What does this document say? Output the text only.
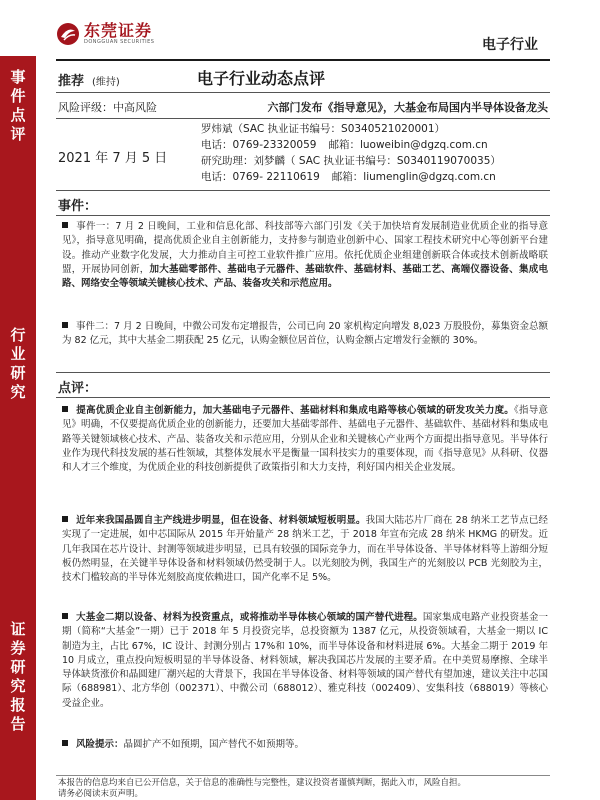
东莞证券
DONGGUAN SECURITIES	电子行业
事
件
点
评
行
业
研
究
证
券
研
究
报
告
推荐 (维持)	电子行业动态点评
风险评级：中高风险	六部门发布《指导意见》，大基金布局国内半导体设备龙头
2021 年 7 月 5 日
罗炜斌（SAC 执业证书编号：S0340521020001）
电话：0769-23320059 邮箱：luoweibin@dgzq.com.cn
研究助理：刘梦麟（ SAC 执业证书编号：S0340119070035）
电话：0769- 22110619 邮箱：liumenglin@dgzq.com.cn
事件：
事件一：7 月 2 日晚间，工业和信息化部、科技部等六部门引发《关于加快培育发展制造业优质企业的指导意见》，指导意见明确，提高优质企业自主创新能力，支持参与制造业创新中心、国家工程技术研究中心等创新平台建设。推动产业数字化发展，大力推动自主可控工业软件推广应用。依托优质企业组建创新联合体或技术创新战略联盟，开展协同创新，加大基础零部件、基础电子元器件、基础软件、基础材料、基础工艺、高端仪器设备、集成电路、网络安全等领域关键核心技术、产品、装备攻关和示范应用。
事件二：7 月 2 日晚间，中微公司发布定增报告，公司已向 20 家机构定向增发 8,023 万股股份，募集资金总额为 82 亿元，其中大基金二期获配 25 亿元，认购金额位居首位，认购金额占定增发行金额的 30%。
点评：
提高优质企业自主创新能力，加大基础电子元器件、基础材料和集成电路等核心领域的研发攻关力度。《指导意见》明确，不仅要提高优质企业的创新能力，还要加大基础零部件、基础电子元器件、基础软件、基础材料和集成电路等关键领域核心技术、产品、装备攻关和示范应用，分别从企业和关键核心产业两个方面提出指导意见。半导体行业作为现代科技发展的基石性领域，其整体发展水平是衡量一国科技实力的重要体现，而《指导意见》从科研、仪器和人才三个维度，为优质企业的科技创新提供了政策指引和大力支持，利好国内相关企业发展。
近年来我国晶圆自主产线进步明显，但在设备、材料领域短板明显。我国大陆芯片厂商在 28 纳米工艺节点已经实现了一定进展，如中芯国际从 2015 年开始量产 28 纳米工艺，于 2018 年宣布完成 28 纳米 HKMG 的研发。近几年我国在芯片设计、封测等领域进步明显，已具有较强的国际竞争力，而在半导体设备、半导体材料等上游细分短板仍然明显，在关键半导体设备和材料领域仍然受制于人。以光刻胶为例，我国生产的光刻胶以 PCB 光刻胶为主，技术门槛较高的半导体光刻胶高度依赖进口，国产化率不足 5%。
大基金二期以设备、材料为投资重点，或将推动半导体核心领域的国产替代进程。国家集成电路产业投资基金一期（简称“大基金”一期）已于 2018 年 5 月投资完毕，总投资额为 1387 亿元，从投资领域看，大基金一期以 IC 制造为主，占比 67%，IC 设计、封测分别占 17%和 10%，而半导体设备和材料进展 6%。大基金二期于 2019 年 10 月成立，重点投向短板明显的半导体设备、材料领域，解决我国芯片发展的主要矛盾。在中美贸易摩擦、全球半导体缺货涨价和晶圆建厂潮兴起的大背景下，我国在半导体设备、材料等领域的国产替代有望加速，建议关注中芯国际（688981）、北方华创（002371）、中微公司（688012）、雅克科技（002409）、安集科技（688019）等核心受益企业。
风险提示：晶圆扩产不如预期，国产替代不如预期等。
本报告的信息均来自已公开信息，关于信息的准确性与完整性，建议投资者谨慎判断，据此入市，风险自担。
请务必阅读末页声明。
